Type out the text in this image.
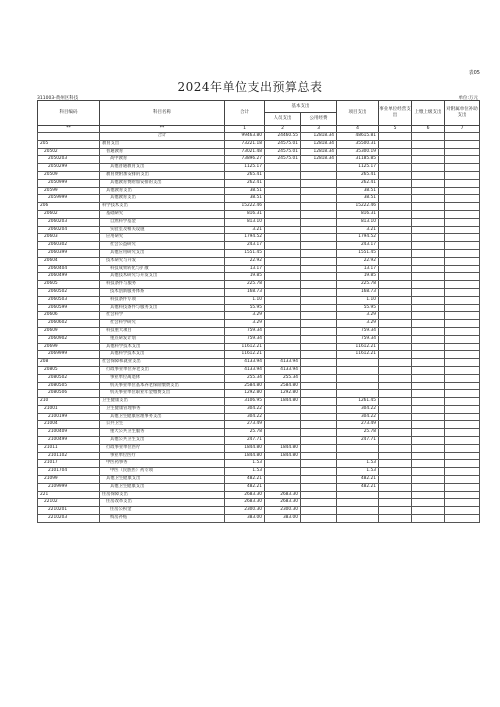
表05
2024年单位支出预算总表
311003-黄州区科技	单位:万元
科目编码	科目名称	合计	基本支出		项目支出	事业单位经营支出	上缴上级支出	对附属单位补助支出
			人员支出	公用经费				
**	**	1	2	3	4	5	6	7
	合计	99463.80	24460.55	12818.34	48615.81			
205	教育支出	73221.18	24575.01	12818.34	35500.31			
20502	普通教育	73021.48	24575.01	12818.34	35300.19			
2050203	高中教育	73896.27	24575.01	12818.34	31185.85			
2050299	其他普通教育支出	1125.17			1125.17			
20509	教育费附加安排的支出	265.41			265.41			
2050999	其他教育费附加安排的支出	262.41			262.41			
20599	其他教育支出	38.51			38.51			
2059999	其他教育支出	38.51			38.51			
206	科学技术支出	15222.46			15222.46			
20602	基础研究	816.31			816.31			
2060203	自然科学基金	813.10			813.10			
2060204	实验室及相关设施	3.21			3.21			
20603	应用研究	1794.52			1794.52			
2060302	社会公益研究	243.17			243.17			
2060399	其他应用研究支出	1551.45			1551.45			
20604	技术研究与开发	22.92			22.92			
2060404	科技成果转化与扩散	13.17			13.17			
2060499	其他技术研究与开发支出	19.85			19.85			
20605	科技条件与服务	225.78			225.78			
2060502	技术创新服务体系	168.73			168.73			
2060503	科技条件专项	1.10			1.10			
2060599	其他科技条件与服务支出	55.95			55.95			
20606	社会科学	3.29			3.29			
2060602	社会科学研究	3.29			3.29			
20609	科技重大项目	759.34			759.34			
2060902	重点研发计划	759.34			759.34			
20699	其他科学技术支出	11612.21			11612.21			
2069999	其他科学技术支出	11612.21			11612.21			
208	社会保障和就业支出	4133.94	4133.94					
20805	行政事业单位养老支出	4133.94	4133.94					
2080502	事业单位离退休	255.34	255.34					
2080505	机关事业单位基本养老保险缴费支出	2584.80	2584.80					
2080506	机关事业单位职业年金缴费支出	1292.80	1292.80					
210	卫生健康支出	3106.95	1844.80		1261.45			
21001	卫生健康管理事务	304.22			304.22			
2100199	其他卫生健康管理事务支出	304.22			304.22			
21004	公共卫生	273.49			273.49			
2100409	重大公共卫生服务	25.78			25.78			
2100499	其他公共卫生支出	247.71			247.71			
21011	行政事业单位医疗	1844.80	1844.80					
2101102	事业单位医疗	1844.80	1844.80					
21017	中医药事务	1.53			1.53			
2101704	中医（民族医）药专项	1.53			1.53			
21099	其他卫生健康支出	482.21			482.21			
2109999	其他卫生健康支出	482.21			482.21			
221	住房保障支出	2683.30	2683.30					
22102	住房改革支出	2683.30	2683.30					
2210201	住房公积金	2300.30	2300.30					
2210203	购房补贴	383.00	383.00					
